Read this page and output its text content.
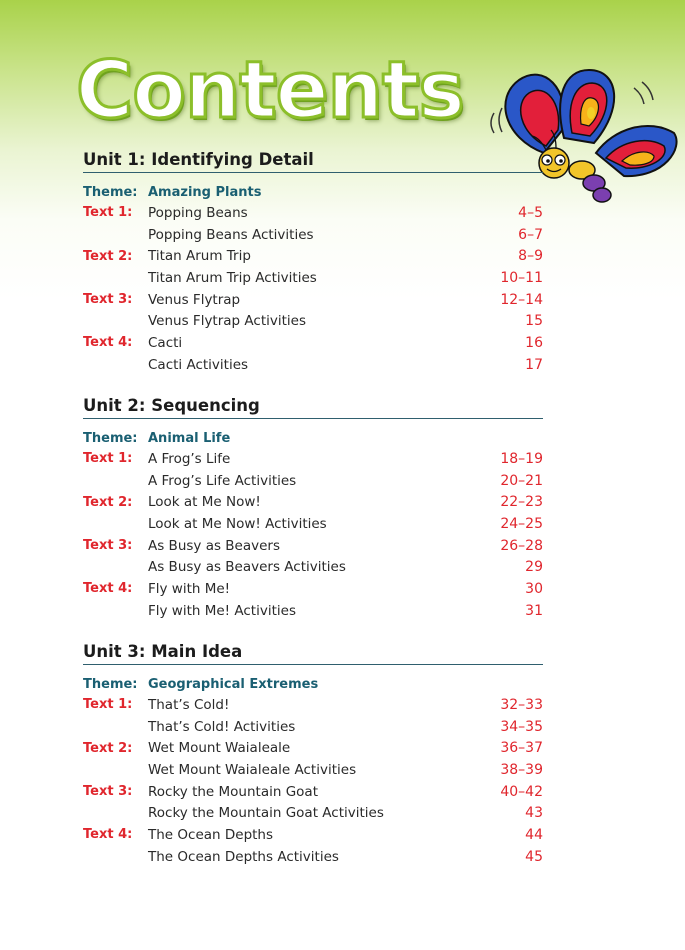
Contents
Unit 1: Identifying Detail
Theme: Amazing Plants
Text 1:	Popping Beans	4–5
Popping Beans Activities	6–7
Text 2:	Titan Arum Trip	8–9
Titan Arum Trip Activities	10–11
Text 3:	Venus Flytrap	12–14
Venus Flytrap Activities	15
Text 4:	Cacti	16
Cacti Activities	17
Unit 2: Sequencing
Theme: Animal Life
Text 1:	A Frog’s Life	18–19
A Frog’s Life Activities	20–21
Text 2:	Look at Me Now!	22–23
Look at Me Now! Activities	24–25
Text 3:	As Busy as Beavers	26–28
As Busy as Beavers Activities	29
Text 4:	Fly with Me!	30
Fly with Me! Activities	31
Unit 3: Main Idea
Theme: Geographical Extremes
Text 1:	That’s Cold!	32–33
That’s Cold! Activities	34–35
Text 2:	Wet Mount Waialeale	36–37
Wet Mount Waialeale Activities	38–39
Text 3:	Rocky the Mountain Goat	40–42
Rocky the Mountain Goat Activities	43
Text 4:	The Ocean Depths	44
The Ocean Depths Activities	45
